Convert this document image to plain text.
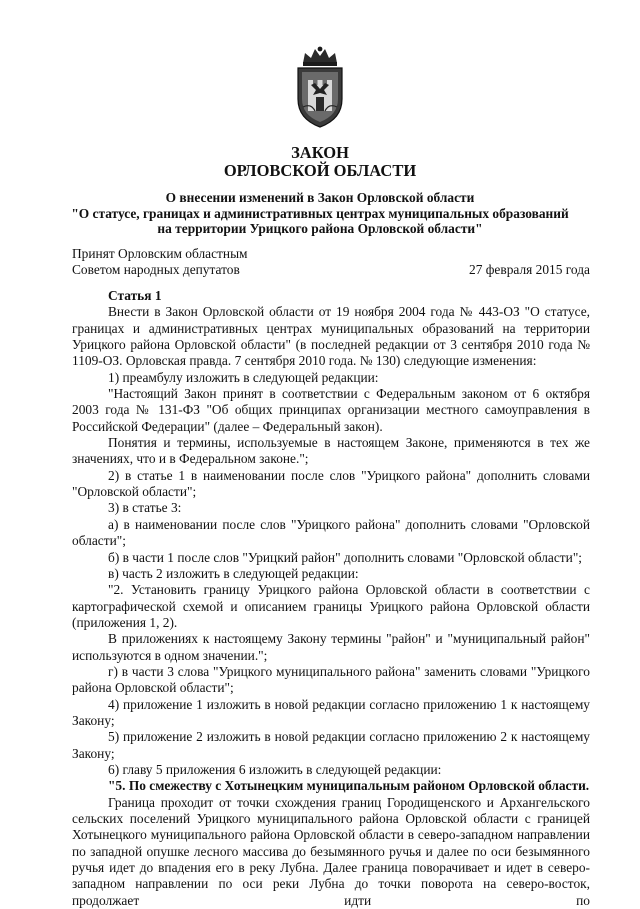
ЗАКОН
ОРЛОВСКОЙ ОБЛАСТИ
О внесении изменений в Закон Орловской области
"О статусе, границах и административных центрах муниципальных образований
на территории Урицкого района Орловской области"
Принят Орловским областным
Советом народных депутатов	27 февраля 2015 года

Статья 1

Внести в Закон Орловской области от 19 ноября 2004 года № 443-ОЗ "О статусе, границах и административных центрах муниципальных образований на территории Урицкого района Орловской области" (в последней редакции от 3 сентября 2010 года № 1109-ОЗ. Орловская правда. 7 сентября 2010 года. № 130) следующие изменения:

1) преамбулу изложить в следующей редакции:

"Настоящий Закон принят в соответствии с Федеральным законом от 6 октября 2003 года № 131-ФЗ "Об общих принципах организации местного самоуправления в Российской Федерации" (далее – Федеральный закон).

Понятия и термины, используемые в настоящем Законе, применяются в тех же значениях, что и в Федеральном законе.";

2) в статье 1 в наименовании после слов "Урицкого района" дополнить словами "Орловской области";

3) в статье 3:

а) в наименовании после слов "Урицкого района" дополнить словами "Орловской области";

б) в части 1 после слов "Урицкий район" дополнить словами "Орловской области";

в) часть 2 изложить в следующей редакции:

"2. Установить границу Урицкого района Орловской области в соответствии с картографической схемой и описанием границы Урицкого района Орловской области (приложения 1, 2).

В приложениях к настоящему Закону термины "район" и "муниципальный район" используются в одном значении.";

г) в части 3 слова "Урицкого муниципального района" заменить словами "Урицкого района Орловской области";

4) приложение 1 изложить в новой редакции согласно приложению 1 к настоящему Закону;

5) приложение 2 изложить в новой редакции согласно приложению 2 к настоящему Закону;

6) главу 5 приложения 6 изложить в следующей редакции:

"5. По смежеству с Хотынецким муниципальным районом Орловской области.

Граница проходит от точки схождения границ Городищенского и Архангельского сельских поселений Урицкого муниципального района Орловской области с границей Хотынецкого муниципального района Орловской области в северо-западном направлении по западной опушке лесного массива до безымянного ручья и далее по оси безымянного ручья идет до впадения его в реку Лубна. Далее граница поворачивает и идет в северо-западном направлении по оси реки Лубна до точки поворота на северо-восток, продолжает идти по
